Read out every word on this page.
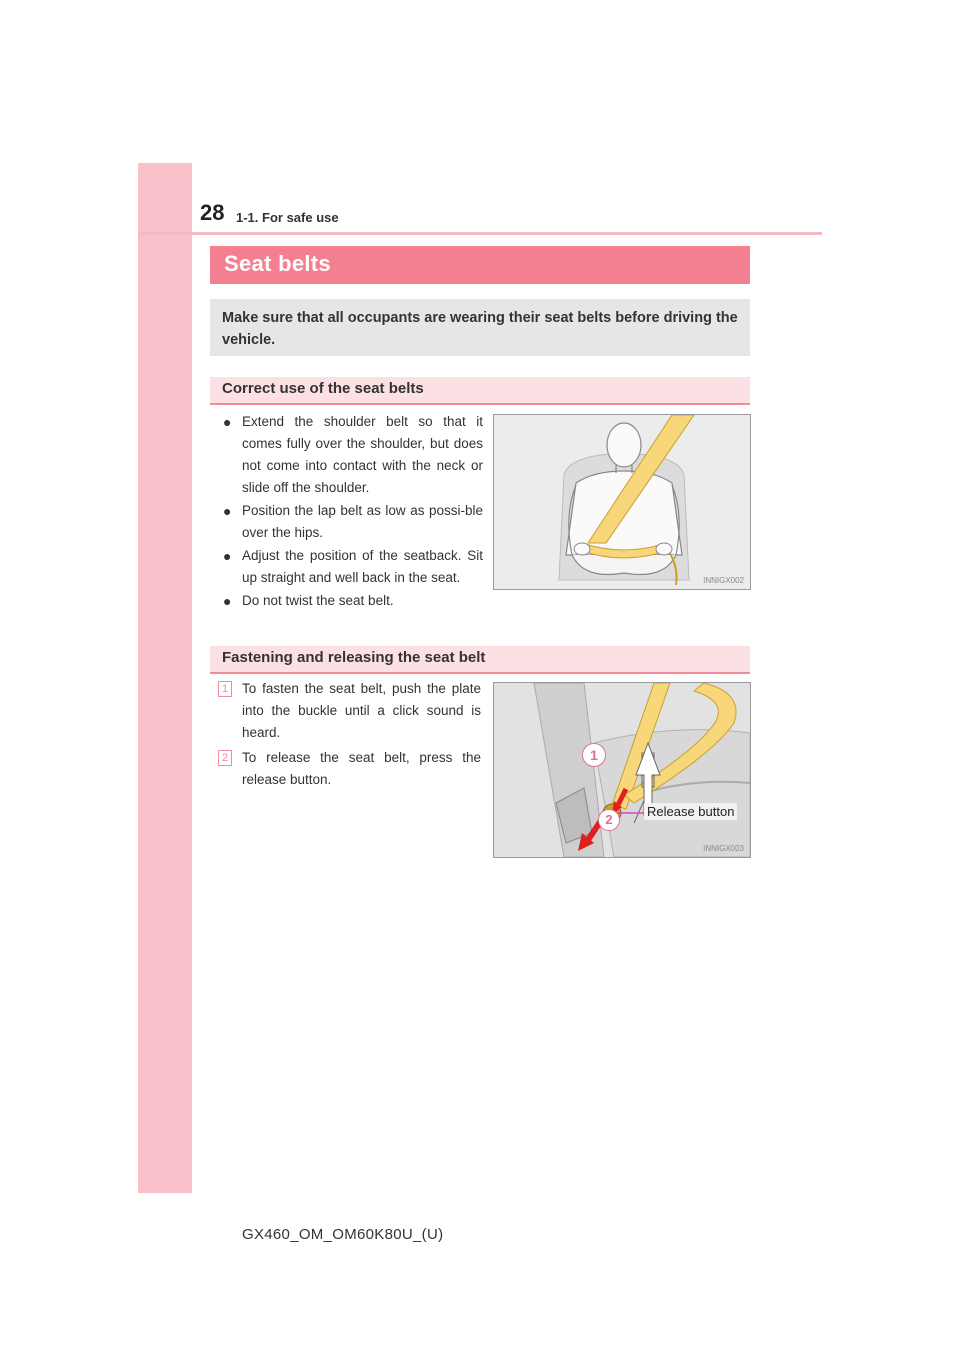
28 1-1. For safe use
Seat belts
Make sure that all occupants are wearing their seat belts before driving the vehicle.
Correct use of the seat belts
● Extend the shoulder belt so that it comes fully over the shoulder, but does not come into contact with the neck or slide off the shoulder.
● Position the lap belt as low as possi-ble over the hips.
● Adjust the position of the seatback. Sit up straight and well back in the seat.
● Do not twist the seat belt.
INNIGX002
Fastening and releasing the seat belt
1 To fasten the seat belt, push the plate into the buckle until a click sound is heard.
2 To release the seat belt, press the release button.
1
2
Release button
INNIGX003
GX460_OM_OM60K80U_(U)
